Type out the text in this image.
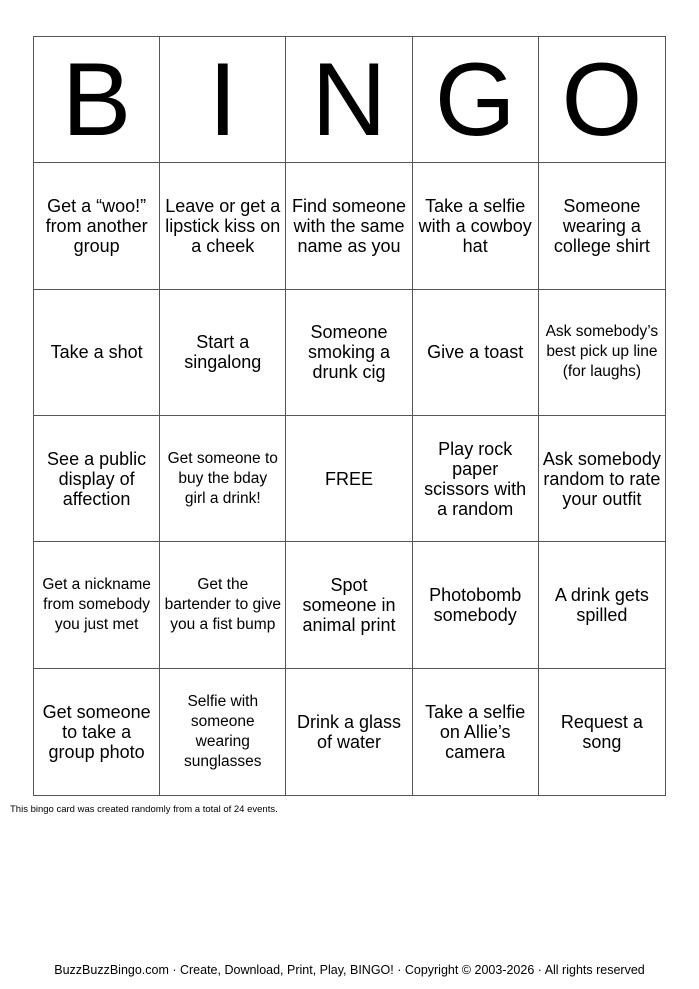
B I N G O
Get a “woo!” from another group
Leave or get a lipstick kiss on a cheek
Find someone with the same name as you
Take a selfie with a cowboy hat
Someone wearing a college shirt
Take a shot	Start a singalong
Someone smoking a drunk cig
Give a toast
Ask somebody’s best pick up line (for laughs)
See a public display of affection
Get someone to buy the bday girl a drink!
FREE
Play rock paper scissors with a random
Ask somebody random to rate your outfit
Get a nickname from somebody you just met
Get the bartender to give you a fist bump
Spot someone in animal print
Photobomb somebody
A drink gets spilled
Get someone to take a group photo
Selfie with someone wearing sunglasses
Drink a glass of water
Take a selfie on Allie’s camera
Request a song
This bingo card was created randomly from a total of 24 events.
BuzzBuzzBingo.com · Create, Download, Print, Play, BINGO! · Copyright © 2003-2026 · All rights reserved
